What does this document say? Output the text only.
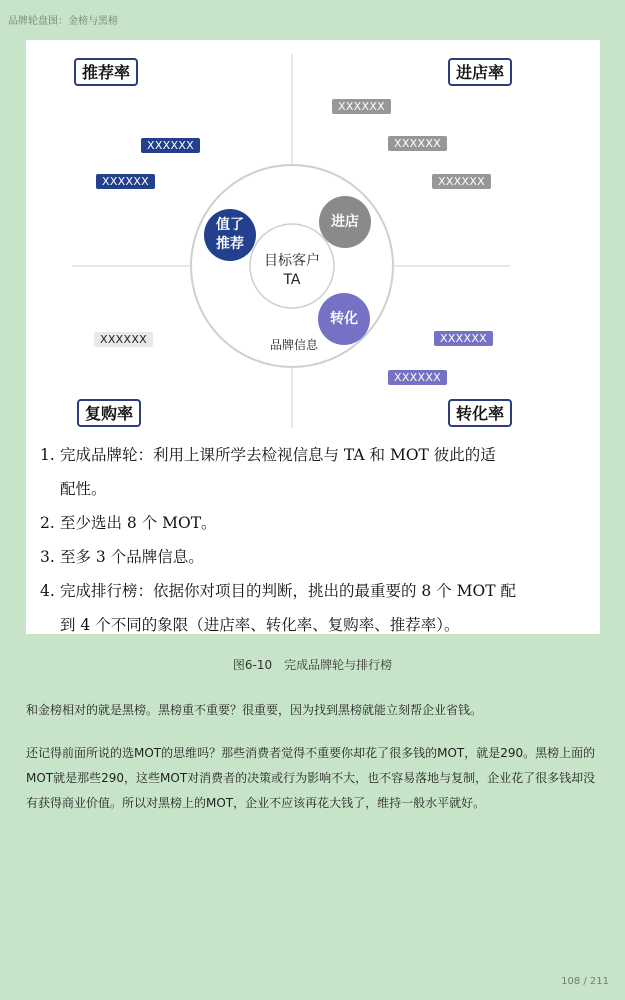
品牌轮盘图：金榜与黑榜
推荐率	进店率
复购率	转化率
XXXXXX
XXXXXX
XXXXXX
XXXXXX
XXXXXX
XXXXXX	XXXXXX
XXXXXX
目标客户
TA
值了
推荐
进店
转化
品牌信息
1. 完成品牌轮：利用上课所学去检视信息与 TA 和 MOT 彼此的适
配性。
2. 至少选出 8 个 MOT。
3. 至多 3 个品牌信息。
4. 完成排行榜：依据你对项目的判断，挑出的最重要的 8 个 MOT 配
到 4 个不同的象限（进店率、转化率、复购率、推荐率）。
图6-10　完成品牌轮与排行榜
和金榜相对的就是黑榜。黑榜重不重要？很重要，因为找到黑榜就能立刻帮企业省钱。
还记得前面所说的选MOT的思维吗？那些消费者觉得不重要你却花了很多钱的MOT，就是290。黑榜上面的MOT就是那些290，这些MOT对消费者的决策或行为影响不大，也不容易落地与复制，企业花了很多钱却没有获得商业价值。所以对黑榜上的MOT，企业不应该再花大钱了，维持一般水平就好。
108 / 211
